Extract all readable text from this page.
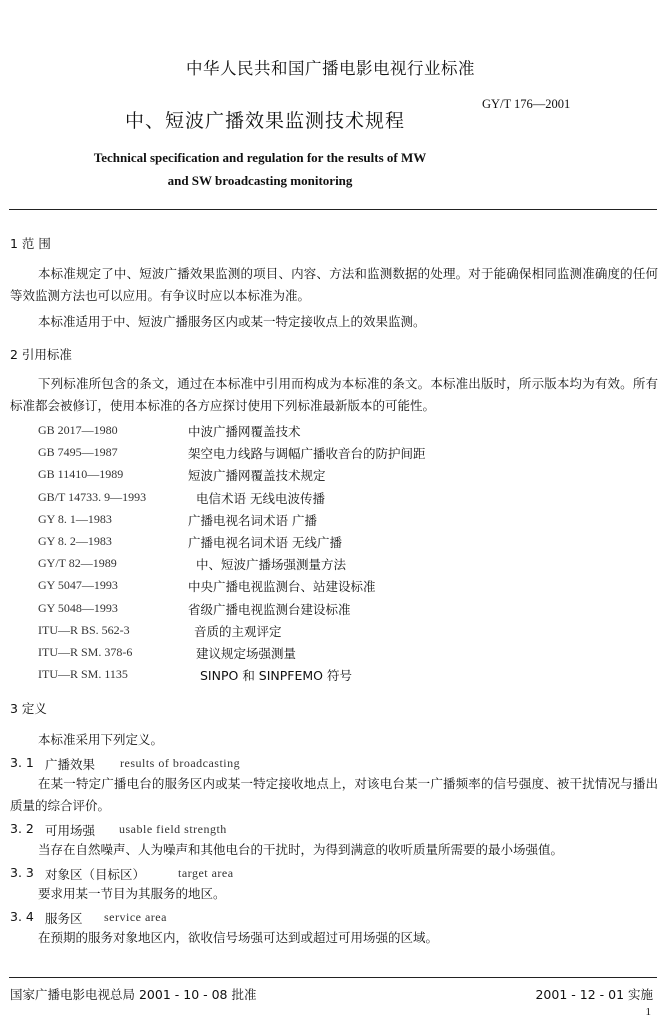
中华人民共和国广播电影电视行业标准
GY/T 176—2001
中、短波广播效果监测技术规程
Technical specification and regulation for the results of MW
and SW broadcasting monitoring
1 范 围
本标准规定了中、短波广播效果监测的项目、内容、方法和监测数据的处理。对于能确保相同监测准确度的任何等效监测方法也可以应用。有争议时应以本标准为准。
本标准适用于中、短波广播服务区内或某一特定接收点上的效果监测。
2 引用标准
下列标准所包含的条文，通过在本标准中引用而构成为本标准的条文。本标准出版时，所示版本均为有效。所有标准都会被修订，使用本标准的各方应探讨使用下列标准最新版本的可能性。
GB 2017—1980	中波广播网覆盖技术
GB 7495—1987	架空电力线路与调幅广播收音台的防护间距
GB 11410—1989	短波广播网覆盖技术规定
GB/T 14733. 9—1993	电信术语 无线电波传播
GY 8. 1—1983	广播电视名词术语 广播
GY 8. 2—1983	广播电视名词术语 无线广播
GY/T 82—1989	中、短波广播场强测量方法
GY 5047—1993	中央广播电视监测台、站建设标准
GY 5048—1993	省级广播电视监测台建设标准
ITU—R BS. 562-3	音质的主观评定
ITU—R SM. 378-6	建议规定场强测量
ITU—R SM. 1135	SINPO 和 SINPFEMO 符号
3 定义
本标准采用下列定义。
3. 1 广播效果 results of broadcasting
在某一特定广播电台的服务区内或某一特定接收地点上，对该电台某一广播频率的信号强度、被干扰情况与播出质量的综合评价。
3. 2 可用场强 usable field strength
当存在自然噪声、人为噪声和其他电台的干扰时，为得到满意的收听质量所需要的最小场强值。
3. 3 对象区（目标区）	target area
要求用某一节目为其服务的地区。
3. 4 服务区 service area
在预期的服务对象地区内，欲收信号场强可达到或超过可用场强的区域。
国家广播电影电视总局 2001 - 10 - 08 批准	2001 - 12 - 01 实施
1
